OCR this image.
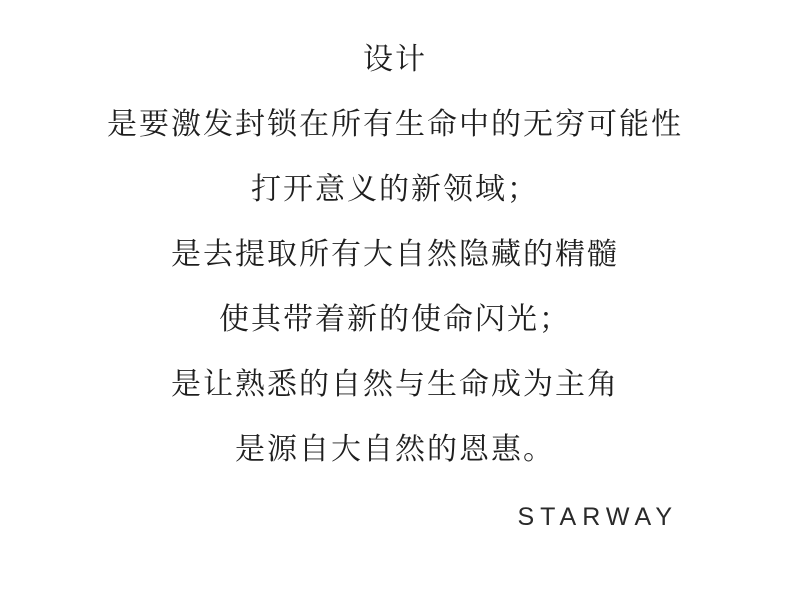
设计
是要激发封锁在所有生命中的无穷可能性
打开意义的新领域；
是去提取所有大自然隐藏的精髓
使其带着新的使命闪光；
是让熟悉的自然与生命成为主角
是源自大自然的恩惠。
STARWAY
